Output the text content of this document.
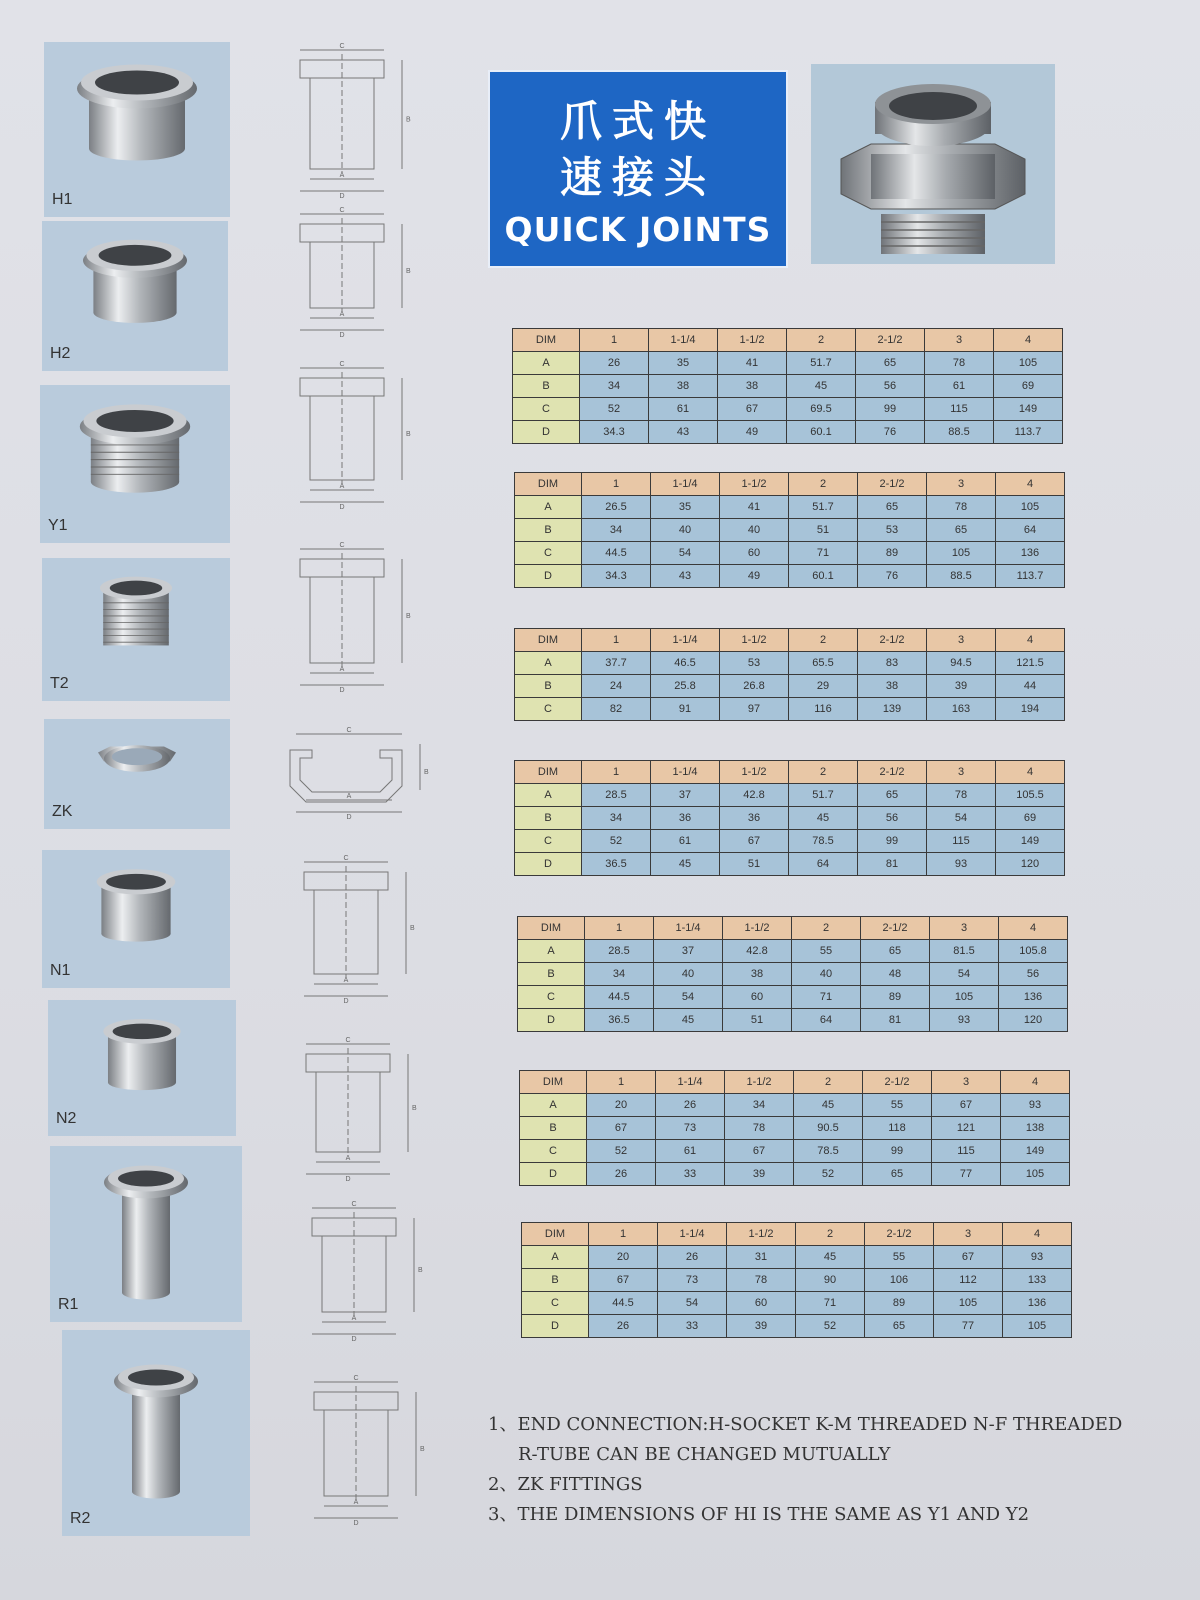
H1
H2
Y1
T2
ZK
N1
N2
R1
R2
C
B
A
D
C
B
A
D
C
B
A
D
C
B
A
D
C
B
A
D
C
B
A
D
C
B
A
D
C
B
A
D
C
B
A
D
爪式快
速接头
QUICK JOINTS
DIM	1	1-1/4	1-1/2	2	2-1/2	3	4
A	26	35	41	51.7	65	78	105
B	34	38	38	45	56	61	69
C	52	61	67	69.5	99	115	149
D	34.3	43	49	60.1	76	88.5	113.7
DIM	1	1-1/4	1-1/2	2	2-1/2	3	4
A	26.5	35	41	51.7	65	78	105
B	34	40	40	51	53	65	64
C	44.5	54	60	71	89	105	136
D	34.3	43	49	60.1	76	88.5	113.7
DIM	1	1-1/4	1-1/2	2	2-1/2	3	4
A	37.7	46.5	53	65.5	83	94.5	121.5
B	24	25.8	26.8	29	38	39	44
C	82	91	97	116	139	163	194
DIM	1	1-1/4	1-1/2	2	2-1/2	3	4
A	28.5	37	42.8	51.7	65	78	105.5
B	34	36	36	45	56	54	69
C	52	61	67	78.5	99	115	149
D	36.5	45	51	64	81	93	120
DIM	1	1-1/4	1-1/2	2	2-1/2	3	4
A	28.5	37	42.8	55	65	81.5	105.8
B	34	40	38	40	48	54	56
C	44.5	54	60	71	89	105	136
D	36.5	45	51	64	81	93	120
DIM	1	1-1/4	1-1/2	2	2-1/2	3	4
A	20	26	34	45	55	67	93
B	67	73	78	90.5	118	121	138
C	52	61	67	78.5	99	115	149
D	26	33	39	52	65	77	105
DIM	1	1-1/4	1-1/2	2	2-1/2	3	4
A	20	26	31	45	55	67	93
B	67	73	78	90	106	112	133
C	44.5	54	60	71	89	105	136
D	26	33	39	52	65	77	105
1、END CONNECTION:H-SOCKET K-M THREADED N-F THREADED
R-TUBE CAN BE CHANGED MUTUALLY
2、ZK FITTINGS
3、THE DIMENSIONS OF HI IS THE SAME AS Y1 AND Y2
